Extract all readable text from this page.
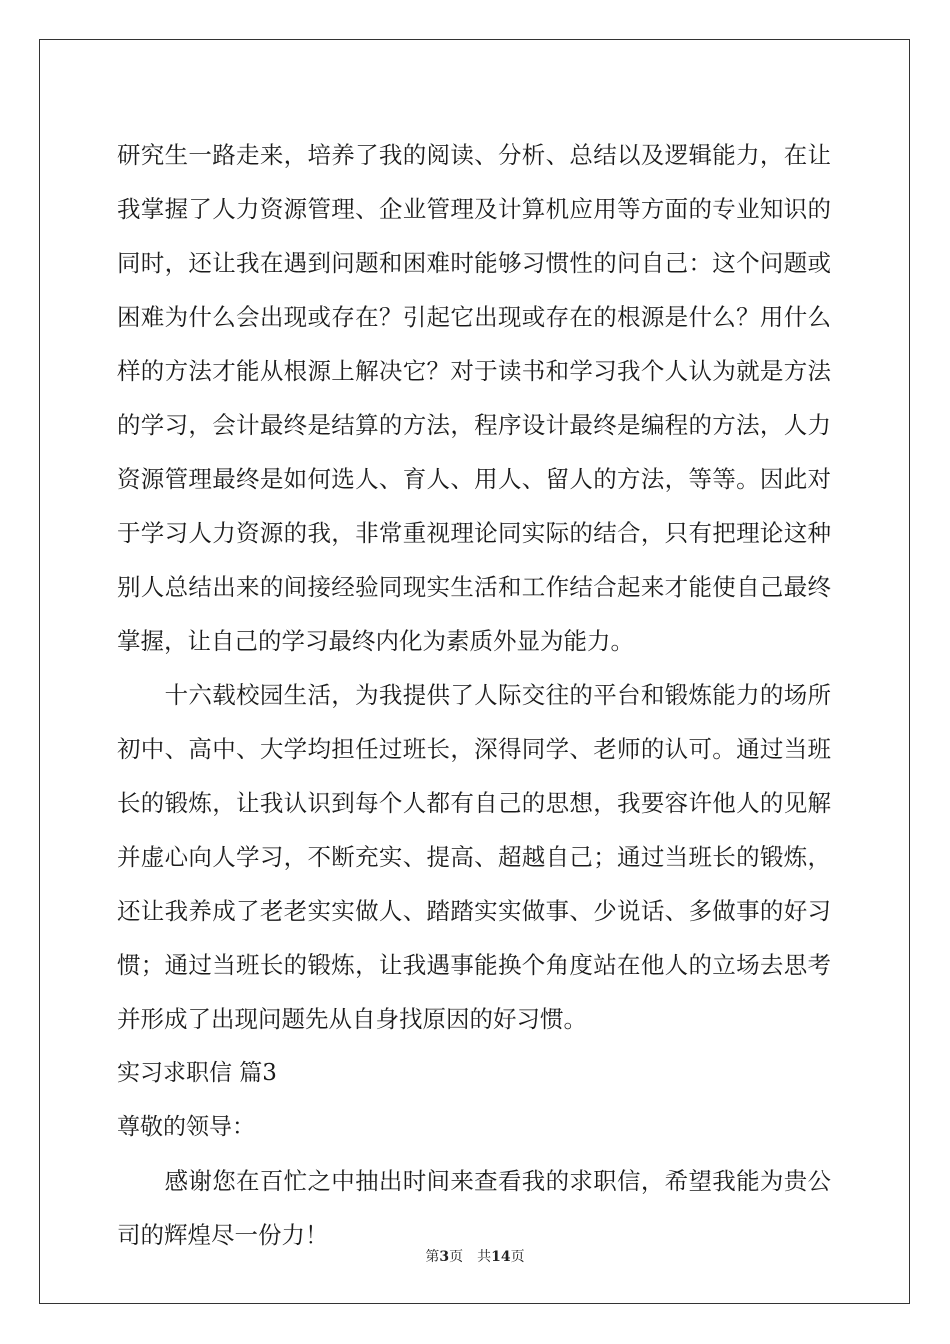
研究生一路走来，培养了我的阅读、分析、总结以及逻辑能力，在让
我掌握了人力资源管理、企业管理及计算机应用等方面的专业知识的
同时，还让我在遇到问题和困难时能够习惯性的问自己：这个问题或
困难为什么会出现或存在？引起它出现或存在的根源是什么？用什么
样的方法才能从根源上解决它？对于读书和学习我个人认为就是方法
的学习，会计最终是结算的方法，程序设计最终是编程的方法，人力
资源管理最终是如何选人、育人、用人、留人的方法，等等。因此对
于学习人力资源的我，非常重视理论同实际的结合，只有把理论这种
别人总结出来的间接经验同现实生活和工作结合起来才能使自己最终
掌握，让自己的学习最终内化为素质外显为能力。
　　十六载校园生活，为我提供了人际交往的平台和锻炼能力的场所
初中、高中、大学均担任过班长，深得同学、老师的认可。通过当班
长的锻炼，让我认识到每个人都有自己的思想，我要容许他人的见解
并虚心向人学习，不断充实、提高、超越自己；通过当班长的锻炼，
还让我养成了老老实实做人、踏踏实实做事、少说话、多做事的好习
惯；通过当班长的锻炼，让我遇事能换个角度站在他人的立场去思考
并形成了出现问题先从自身找原因的好习惯。
实习求职信 篇3
尊敬的领导：
　　感谢您在百忙之中抽出时间来查看我的求职信，希望我能为贵公
司的辉煌尽一份力！
第3页 共14页
